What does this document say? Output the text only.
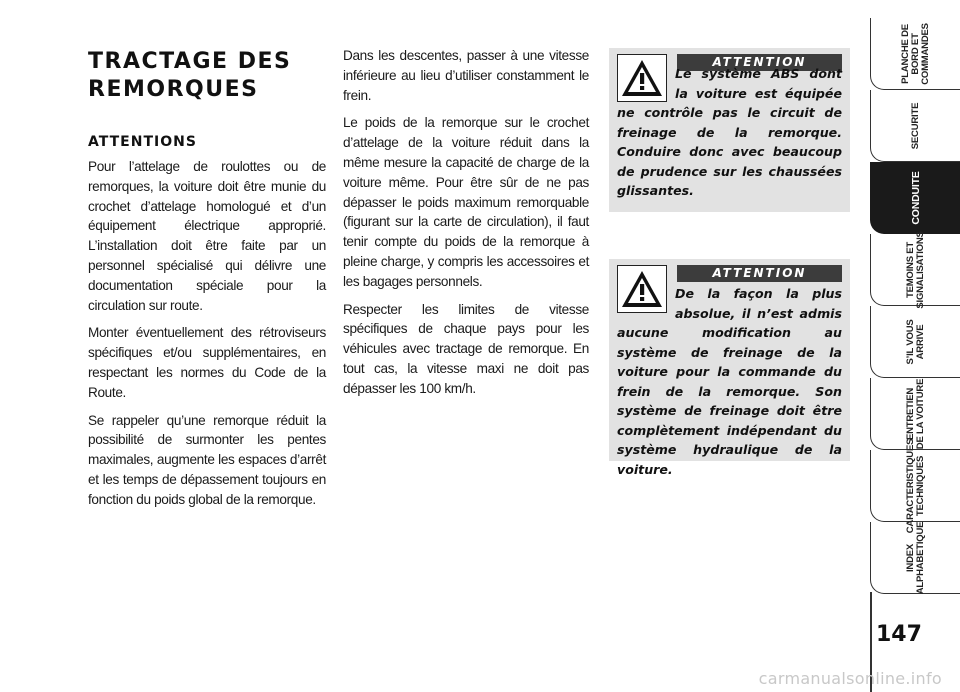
TRACTAGE DES
REMORQUES
ATTENTIONS

Pour l’attelage de roulottes ou de remorques, la voiture doit être munie du crochet d’attelage homologué et d’un équipement électrique approprié. L’installation doit être faite par un personnel spécialisé qui délivre une documentation spéciale pour la circulation sur route.

Monter éventuellement des rétroviseurs spécifiques et/ou supplémentaires, en respectant les normes du Code de la Route.

Se rappeler qu’une remorque réduit la possibilité de surmonter les pentes maximales, augmente les espaces d’arrêt et les temps de dépassement toujours en fonction du poids global de la remorque.

Dans les descentes, passer à une vitesse inférieure au lieu d’utiliser constamment le frein.

Le poids de la remorque sur le crochet d’attelage de la voiture réduit dans la même mesure la capacité de charge de la voiture même. Pour être sûr de ne pas dépasser le poids maximum remorquable (figurant sur la carte de circulation), il faut tenir compte du poids de la remorque à pleine charge, y compris les accessoires et les bagages personnels.

Respecter les limites de vitesse spécifiques de chaque pays pour les véhicules avec tractage de remorque. En tout cas, la vitesse maxi ne doit pas dépasser les 100 km/h.

ATTENTION
Le système ABS dont la voiture est équipée ne contrôle pas le circuit de freinage de la remorque. Conduire donc avec beaucoup de prudence sur les chaussées glissantes.
ATTENTION
De la façon la plus absolue, il n’est admis aucune modification au système de freinage de la voiture pour la commande du frein de la remorque. Son système de freinage doit être complètement indépendant du système hydraulique de la voiture.
PLANCHE DE
BORD ET
COMMANDES
SECURITE
CONDUITE
TEMOINS ET
SIGNALISATIONS
S’IL VOUS
ARRIVE
ENTRETIEN
DE LA VOITURE
CARACTERISTIQUES
TECHNIQUES
INDEX
ALPHABETIQUE
147
carmanualsonline.info
